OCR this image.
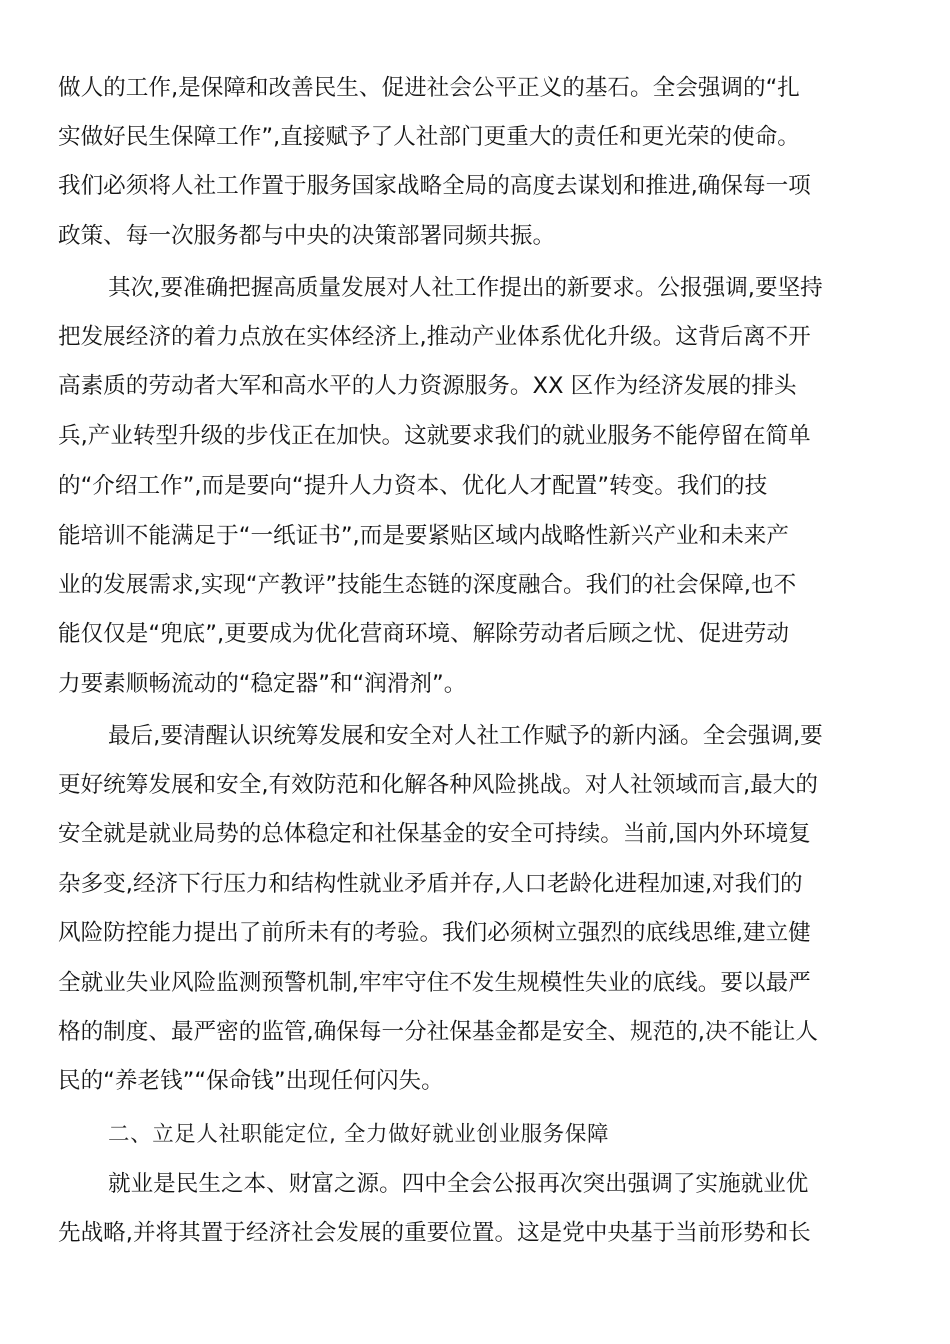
做人的工作,是保障和改善民生、促进社会公平正义的基石。全会强调的“扎
实做好民生保障工作”,直接赋予了人社部门更重大的责任和更光荣的使命。
我们必须将人社工作置于服务国家战略全局的高度去谋划和推进,确保每一项
政策、每一次服务都与中央的决策部署同频共振。
其次,要准确把握高质量发展对人社工作提出的新要求。公报强调,要坚持
把发展经济的着力点放在实体经济上,推动产业体系优化升级。这背后离不开
高素质的劳动者大军和高水平的人力资源服务。XX 区作为经济发展的排头
兵,产业转型升级的步伐正在加快。这就要求我们的就业服务不能停留在简单
的“介绍工作”,而是要向“提升人力资本、优化人才配置”转变。我们的技
能培训不能满足于“一纸证书”,而是要紧贴区域内战略性新兴产业和未来产
业的发展需求,实现“产教评”技能生态链的深度融合。我们的社会保障,也不
能仅仅是“兜底”,更要成为优化营商环境、解除劳动者后顾之忧、促进劳动
力要素顺畅流动的“稳定器”和“润滑剂”。
最后,要清醒认识统筹发展和安全对人社工作赋予的新内涵。全会强调,要
更好统筹发展和安全,有效防范和化解各种风险挑战。对人社领域而言,最大的
安全就是就业局势的总体稳定和社保基金的安全可持续。当前,国内外环境复
杂多变,经济下行压力和结构性就业矛盾并存,人口老龄化进程加速,对我们的
风险防控能力提出了前所未有的考验。我们必须树立强烈的底线思维,建立健
全就业失业风险监测预警机制,牢牢守住不发生规模性失业的底线。要以最严
格的制度、最严密的监管,确保每一分社保基金都是安全、规范的,决不能让人
民的“养老钱”“保命钱”出现任何闪失。
二、立足人社职能定位, 全力做好就业创业服务保障
就业是民生之本、财富之源。四中全会公报再次突出强调了实施就业优
先战略,并将其置于经济社会发展的重要位置。这是党中央基于当前形势和长
